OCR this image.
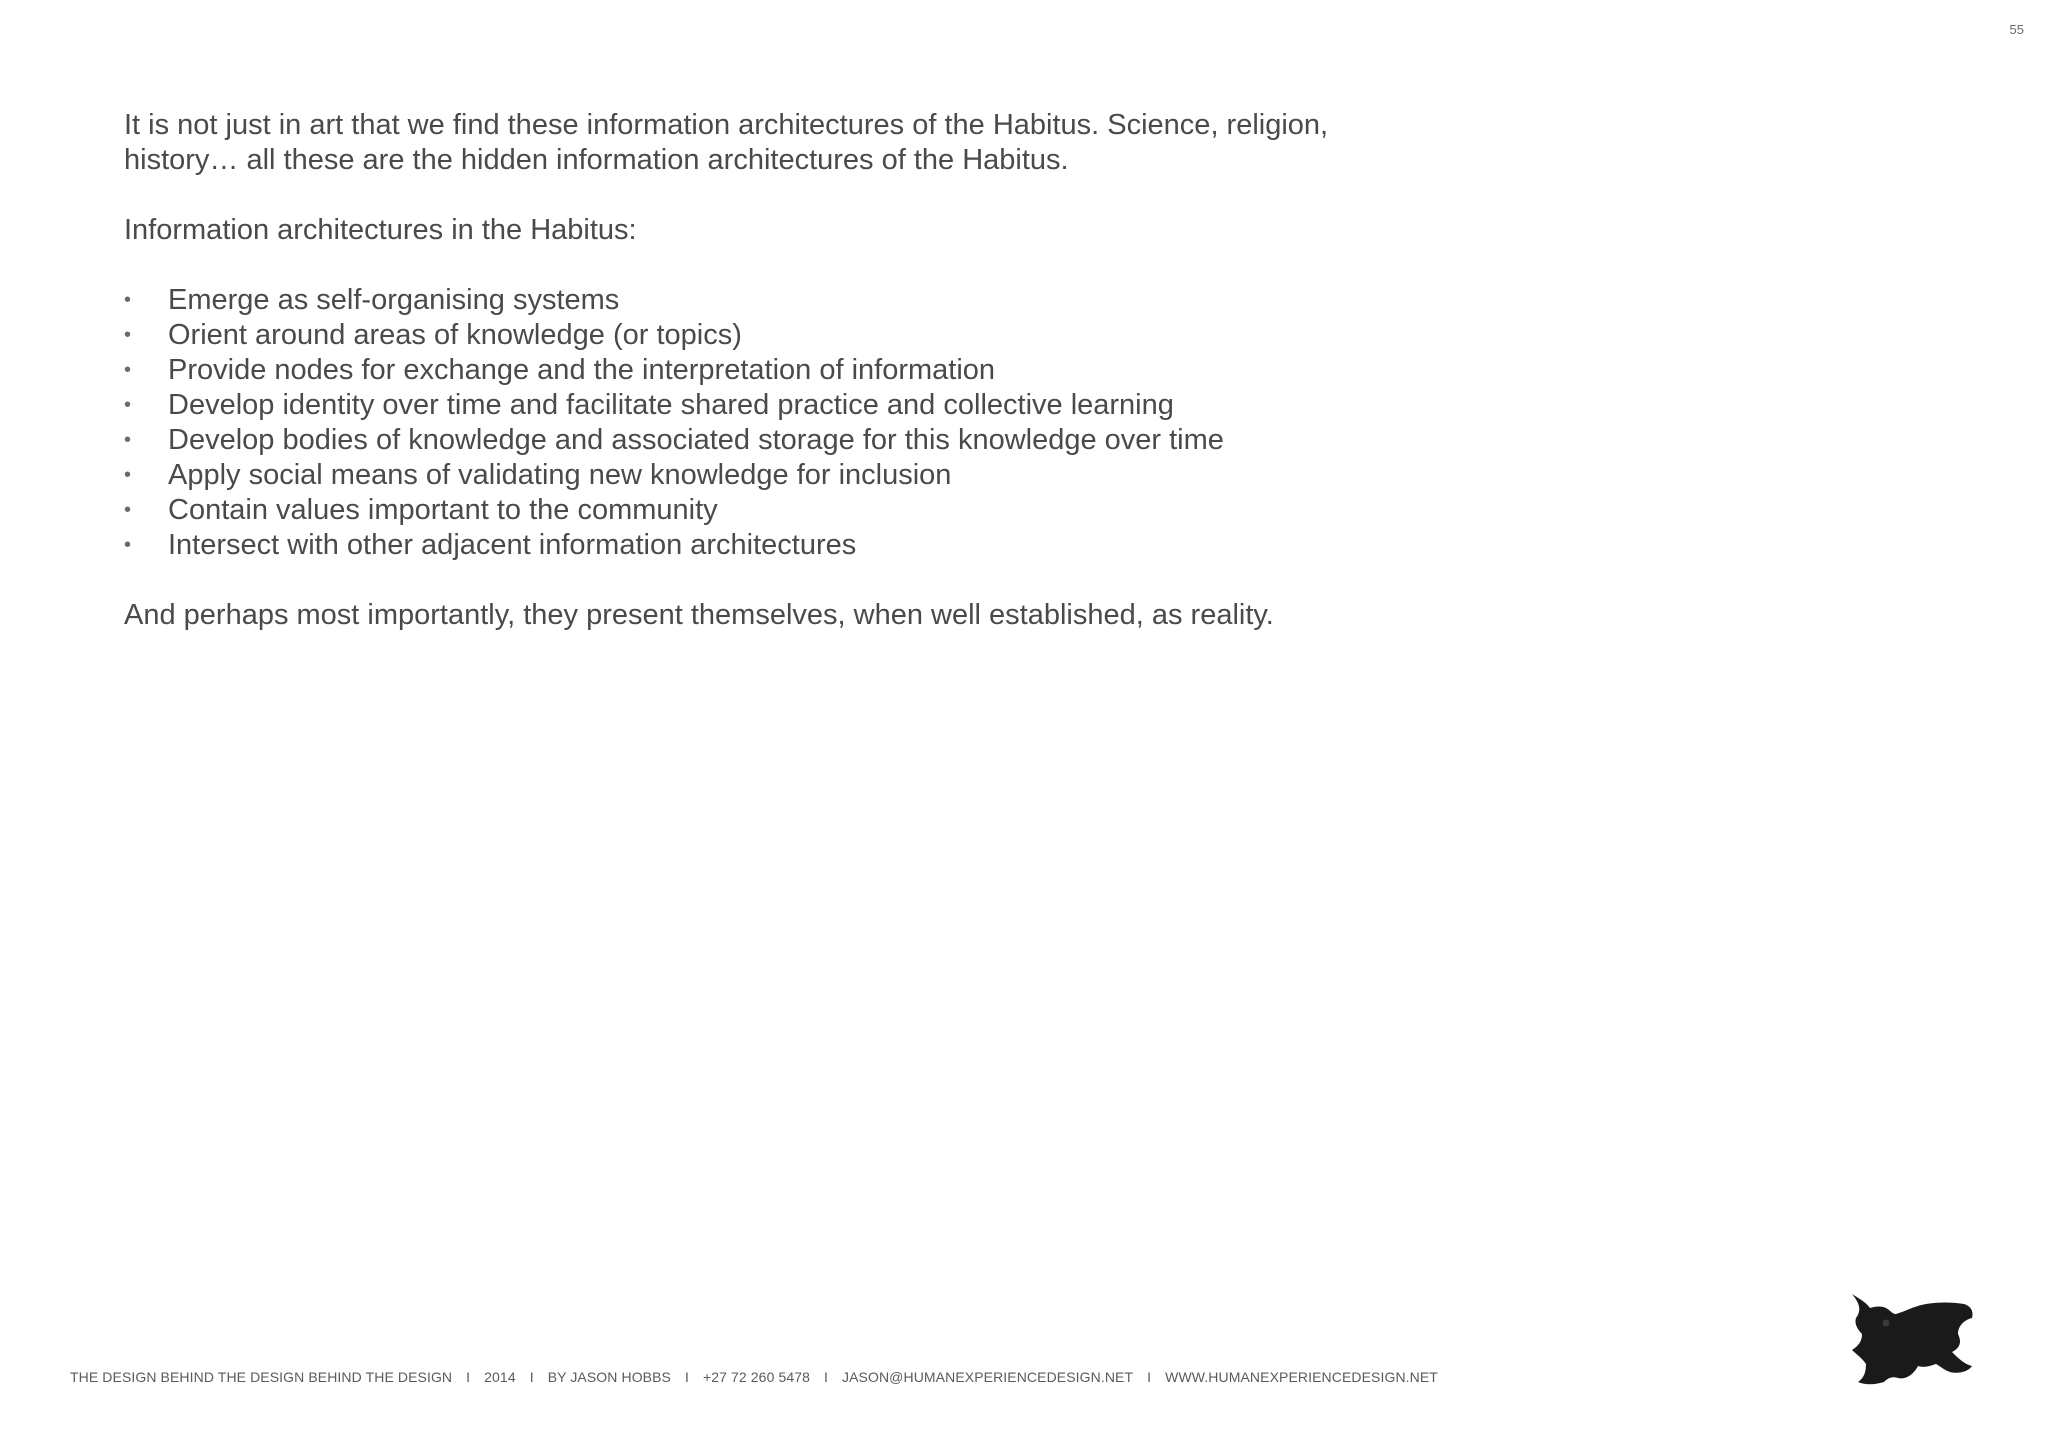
55

It is not just in art that we find these information architectures of the Habitus. Science, religion, history… all these are the hidden information architectures of the Habitus.

Information architectures in the Habitus:

• Emerge as self-organising systems
• Orient around areas of knowledge (or topics)
• Provide nodes for exchange and the interpretation of information
• Develop identity over time and facilitate shared practice and collective learning
• Develop bodies of knowledge and associated storage for this knowledge over time
• Apply social means of validating new knowledge for inclusion
• Contain values important to the community
• Intersect with other adjacent information architectures

And perhaps most importantly, they present themselves, when well established, as reality.

THE DESIGN BEHIND THE DESIGN BEHIND THE DESIGN I 2014 I BY JASON HOBBS I +27 72 260 5478 I JASON@HUMANEXPERIENCEDESIGN.NET I WWW.HUMANEXPERIENCEDESIGN.NET
